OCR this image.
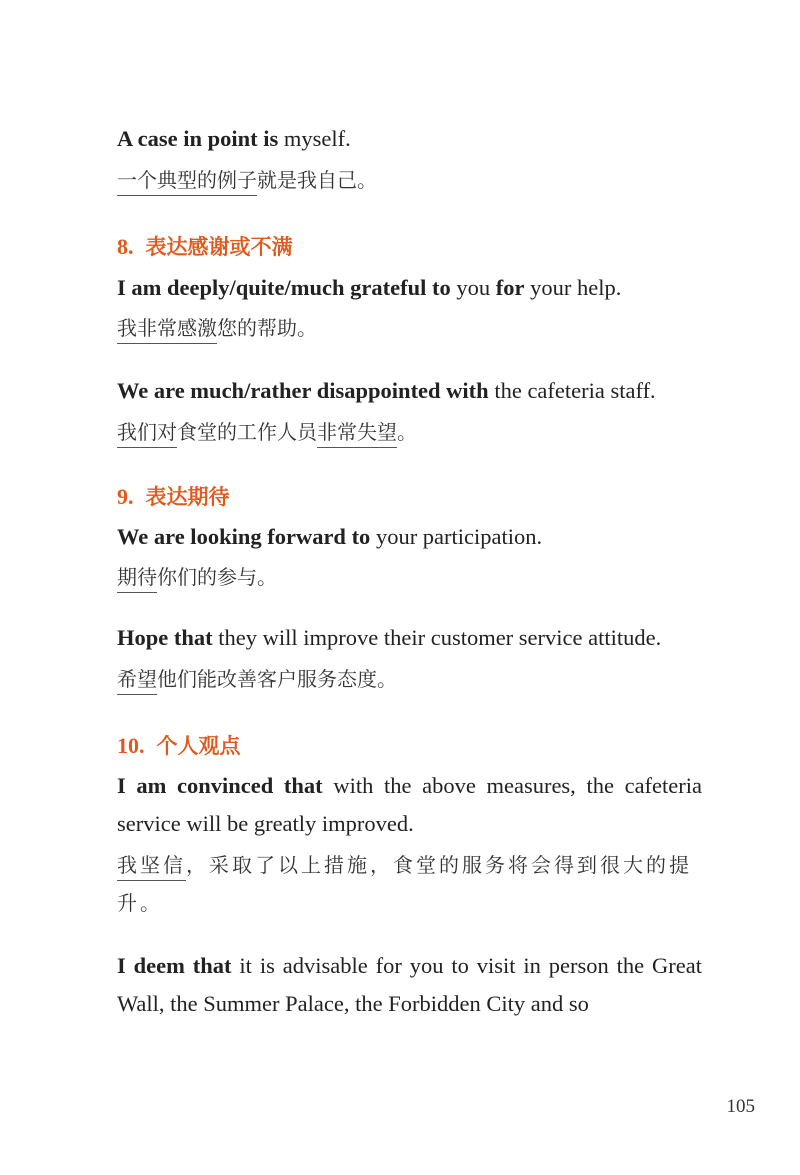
A case in point is myself.

一个典型的例子就是我自己。

8. 表达感谢或不满

I am deeply/quite/much grateful to you for your help.

我非常感激您的帮助。

We are much/rather disappointed with the cafeteria staff.

我们对食堂的工作人员非常失望。

9. 表达期待

We are looking forward to your participation.

期待你们的参与。

Hope that they will improve their customer service attitude.

希望他们能改善客户服务态度。

10. 个人观点

I am convinced that with the above measures, the cafeteria service will be greatly improved.

我坚信，采取了以上措施，食堂的服务将会得到很大的提升。

I deem that it is advisable for you to visit in person the Great Wall, the Summer Palace, the Forbidden City and so

105
